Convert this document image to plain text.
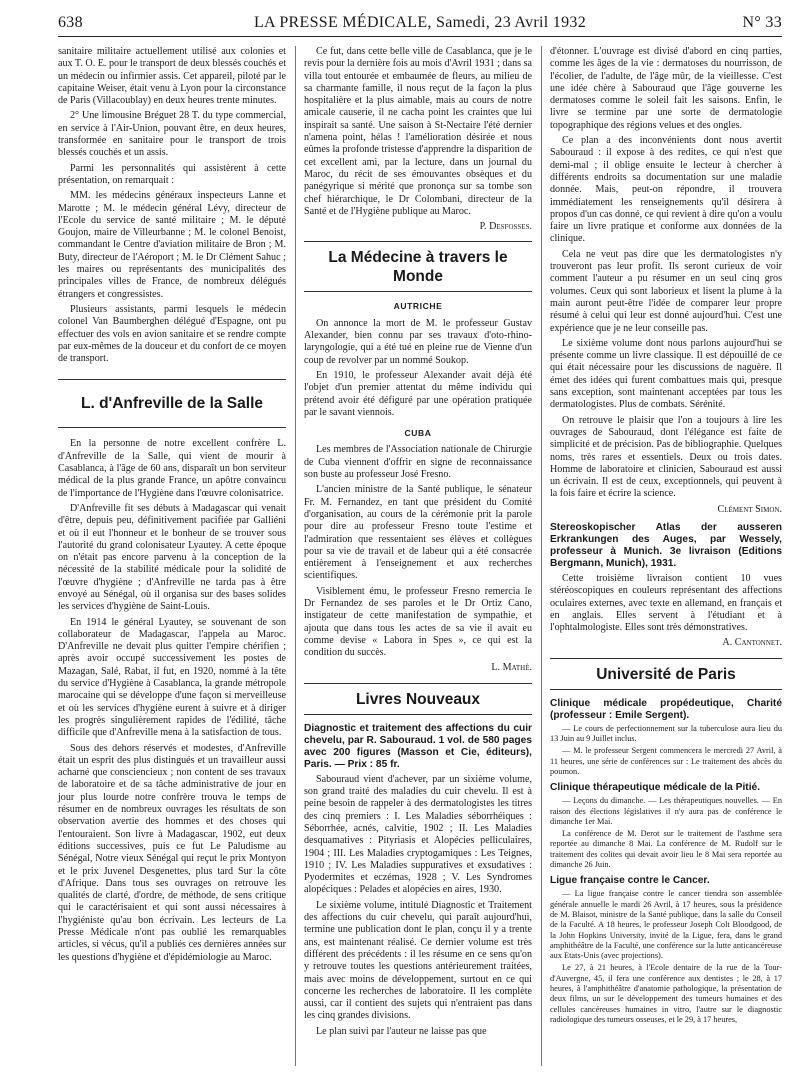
638	LA PRESSE MÉDICALE, Samedi, 23 Avril 1932	N° 33

sanitaire militaire actuellement utilisé aux colonies et aux T. O. E. pour le transport de deux blessés couchés et un médecin ou infirmier assis. Cet appareil, piloté par le capitaine Weiser, était venu à Lyon pour la circonstance de Paris (Villacoublay) en deux heures trente minutes.

2° Une limousine Bréguet 28 T. du type commercial, en service à l'Air-Union, pouvant être, en deux heures, transformée en sanitaire pour le transport de trois blessés couchés et un assis.

Parmi les personnalités qui assistèrent à cette présentation, on remarquait :

MM. les médecins généraux inspecteurs Lanne et Marotte ; M. le médecin général Lévy, directeur de l'Ecole du service de santé militaire ; M. le député Goujon, maire de Villeurbanne ; M. le colonel Benoist, commandant le Centre d'aviation militaire de Bron ; M. Buty, directeur de l'Aéroport ; M. le Dr Clément Sahuc ; les maires ou représentants des municipalités des principales villes de France, de nombreux délégués étrangers et congressistes.

Plusieurs assistants, parmi lesquels le médecin colonel Van Baumberghen délégué d'Espagne, ont pu effectuer des vols en avion sanitaire et se rendre compte par eux-mêmes de la douceur et du confort de ce moyen de transport.

L. d'Anfreville de la Salle

En la personne de notre excellent confrère L. d'Anfreville de la Salle, qui vient de mourir à Casablanca, à l'âge de 60 ans, disparaît un bon serviteur médical de la plus grande France, un apôtre convaincu de l'importance de l'Hygiène dans l'œuvre colonisatrice.

D'Anfreville fit ses débuts à Madagascar qui venait d'être, depuis peu, définitivement pacifiée par Galliéni et où il eut l'honneur et le bonheur de se trouver sous l'autorité du grand colonisateur Lyautey. A cette époque on n'était pas encore parvenu à la conception de la nécessité de la stabilité médicale pour la solidité de l'œuvre d'hygiène ; d'Anfreville ne tarda pas à être envoyé au Sénégal, où il organisa sur des bases solides les services d'hygiène de Saint-Louis.

En 1914 le général Lyautey, se souvenant de son collaborateur de Madagascar, l'appela au Maroc. D'Anfreville ne devait plus quitter l'empire chérifien ; après avoir occupé successivement les postes de Mazagan, Salé, Rabat, il fut, en 1920, nommé à la tête du service d'Hygiène à Casablanca, la grande métropole marocaine qui se développe d'une façon si merveilleuse et où les services d'hygiène eurent à suivre et à diriger les progrès singulièrement rapides de l'édilité, tâche difficile que d'Anfreville mena à la satisfaction de tous.

Sous des dehors réservés et modestes, d'Anfreville était un esprit des plus distingués et un travailleur aussi acharné que consciencieux ; non content de ses travaux de laboratoire et de sa tâche administrative de jour en jour plus lourde notre confrère trouva le temps de résumer en de nombreux ouvrages les résultats de son observation avertie des hommes et des choses qui l'entouraient. Son livre à Madagascar, 1902, eut deux éditions successives, puis ce fut Le Paludisme au Sénégal, Notre vieux Sénégal qui reçut le prix Montyon et le prix Juvenel Desgenettes, plus tard Sur la côte d'Afrique. Dans tous ses ouvrages on retrouve les qualités de clarté, d'ordre, de méthode, de sens critique qui le caractérisaient et qui sont aussi nécessaires à l'hygiéniste qu'au bon écrivain. Les lecteurs de La Presse Médicale n'ont pas oublié les remarquables articles, si vécus, qu'il a publiés ces dernières années sur les questions d'hygiène et d'épidémiologie au Maroc.

Ce fut, dans cette belle ville de Casablanca, que je le revis pour la dernière fois au mois d'Avril 1931 ; dans sa villa tout entourée et embaumée de fleurs, au milieu de sa charmante famille, il nous reçut de la façon la plus hospitalière et la plus aimable, mais au cours de notre amicale causerie, il ne cacha point les craintes que lui inspirait sa santé. Une saison à St-Nectaire l'été dernier n'amena point, hélas ! l'amélioration désirée et nous eûmes la profonde tristesse d'apprendre la disparition de cet excellent ami, par la lecture, dans un journal du Maroc, du récit de ses émouvantes obsèques et du panégyrique si mérité que prononça sur sa tombe son chef hiérarchique, le Dr Colombani, directeur de la Santé et de l'Hygiène publique au Maroc.

P. Desfosses.

La Médecine à travers le Monde
AUTRICHE

On annonce la mort de M. le professeur Gustav Alexander, bien connu par ses travaux d'oto-rhino-laryngologie, qui a été tué en pleine rue de Vienne d'un coup de revolver par un nommé Soukop.

En 1910, le professeur Alexander avait déjà été l'objet d'un premier attentat du même individu qui prétend avoir été défiguré par une opération pratiquée par le savant viennois.

CUBA

Les membres de l'Association nationale de Chirurgie de Cuba viennent d'offrir en signe de reconnaissance son buste au professeur José Fresno.

L'ancien ministre de la Santé publique, le sénateur Fr. M. Fernandez, en tant que président du Comité d'organisation, au cours de la cérémonie prit la parole pour dire au professeur Fresno toute l'estime et l'admiration que ressentaient ses élèves et collègues pour sa vie de travail et de labeur qui a été consacrée entièrement à l'enseignement et aux recherches scientifiques.

Visiblement ému, le professeur Fresno remercia le Dr Fernandez de ses paroles et le Dr Ortiz Cano, instigateur de cette manifestation de sympathie, et ajouta que dans tous les actes de sa vie il avait eu comme devise « Labora in Spes », ce qui est la condition du succès.

L. Mathé.

Livres Nouveaux

Diagnostic et traitement des affections du cuir chevelu, par R. Sabouraud. 1 vol. de 580 pages avec 200 figures (Masson et Cie, éditeurs), Paris. — Prix : 85 fr.

Sabouraud vient d'achever, par un sixième volume, son grand traité des maladies du cuir chevelu. Il est à peine besoin de rappeler à des dermatologistes les titres des cinq premiers : I. Les Maladies séborrhéiques : Séborrhée, acnés, calvitie, 1902 ; II. Les Maladies desquamatives : Pityriasis et Alopécies pelliculaires, 1904 ; III. Les Maladies cryptogamiques : Les Teignes, 1910 ; IV. Les Maladies suppuratives et exsudatives : Pyodermites et eczémas, 1928 ; V. Les Syndromes alopéciques : Pelades et alopécies en aires, 1930.

Le sixième volume, intitulé Diagnostic et Traitement des affections du cuir chevelu, qui paraît aujourd'hui, termine une publication dont le plan, conçu il y a trente ans, est maintenant réalisé. Ce dernier volume est très différent des précédents : il les résume en ce sens qu'on y retrouve toutes les questions antérieurement traitées, mais avec moins de développement, surtout en ce qui concerne les recherches de laboratoire. Il les complète aussi, car il contient des sujets qui n'entraient pas dans les cinq grandes divisions.

Le plan suivi par l'auteur ne laisse pas que

d'étonner. L'ouvrage est divisé d'abord en cinq parties, comme les âges de la vie : dermatoses du nourrisson, de l'écolier, de l'adulte, de l'âge mûr, de la vieillesse. C'est une idée chère à Sabouraud que l'âge gouverne les dermatoses comme le soleil fait les saisons. Enfin, le livre se termine par une sorte de dermatologie topographique des régions velues et des ongles.

Ce plan a des inconvénients dont nous avertit Sabouraud : il expose à des redites, ce qui n'est que demi-mal ; il oblige ensuite le lecteur à chercher à différents endroits sa documentation sur une maladie donnée. Mais, peut-on répondre, il trouvera immédiatement les renseignements qu'il désirera à propos d'un cas donné, ce qui revient à dire qu'on a voulu faire un livre pratique et conforme aux données de la clinique.

Cela ne veut pas dire que les dermatologistes n'y trouveront pas leur profit. Ils seront curieux de voir comment l'auteur a pu résumer en un seul cinq gros volumes. Ceux qui sont laborieux et lisent la plume à la main auront peut-être l'idée de comparer leur propre résumé à celui qui leur est donné aujourd'hui. C'est une expérience que je ne leur conseille pas.

Le sixième volume dont nous parlons aujourd'hui se présente comme un livre classique. Il est dépouillé de ce qui était nécessaire pour les discussions de naguère. Il émet des idées qui furent combattues mais qui, presque sans exception, sont maintenant acceptées par tous les dermatologistes. Plus de combats. Sérénité.

On retrouve le plaisir que l'on a toujours à lire les ouvrages de Sabouraud, dont l'élégance est faite de simplicité et de précision. Pas de bibliographie. Quelques noms, très rares et essentiels. Deux ou trois dates. Homme de laboratoire et clinicien, Sabouraud est aussi un écrivain. Il est de ceux, exceptionnels, qui peuvent à la fois faire et écrire la science.

Clément Simon.

Stereoskopischer Atlas der ausseren Erkrankungen des Auges, par Wessely, professeur à Munich. 3e livraison (Editions Bergmann, Munich), 1931.

Cette troisième livraison contient 10 vues stéréoscopiques en couleurs représentant des affections oculaires externes, avec texte en allemand, en français et en anglais. Elles servent à l'étudiant et à l'ophtalmologiste. Elles sont très démonstratives.

A. Cantonnet.

Université de Paris

Clinique médicale propédeutique, Charité (professeur : Emile Sergent).

— Le cours de perfectionnement sur la tuberculose aura lieu du 13 Juin au 9 Juillet inclus.

— M. le professeur Sergent commencera le mercredi 27 Avril, à 11 heures, une série de conférences sur : Le traitement des abcès du poumon.

Clinique thérapeutique médicale de la Pitié.

— Leçons du dimanche. — Les thérapeutiques nouvelles. — En raison des élections législatives il n'y aura pas de conférence le dimanche 1er Mai.

La conférence de M. Derot sur le traitement de l'asthme sera reportée au dimanche 8 Mai. La conférence de M. Rudolf sur le traitement des colites qui devait avoir lieu le 8 Mai sera reportée au dimanche 26 Juin.

Ligue française contre le Cancer.

— La ligue française contre le cancer tiendra son assemblée générale annuelle le mardi 26 Avril, à 17 heures, sous la présidence de M. Blaisot, ministre de la Santé publique, dans la salle du Conseil de la Faculté. A 18 heures, le professeur Joseph Colt Bloodgood, de la John Hopkins University, invité de la Ligue, fera, dans le grand amphithéâtre de la Faculté, une conférence sur la lutte anticancéreuse aux Etats-Unis (avec projections).

Le 27, à 21 heures, à l'Ecole dentaire de la rue de la Tour-d'Auvergne, 45, il fera une conférence aux dentistes ; le 28, à 17 heures, à l'amphithéâtre d'anatomie pathologique, la présentation de deux films, un sur le développement des tumeurs humaines et des cellules cancéreuses humaines in vitro, l'autre sur le diagnostic radiologique des tumeurs osseuses, et le 29, à 17 heures,
